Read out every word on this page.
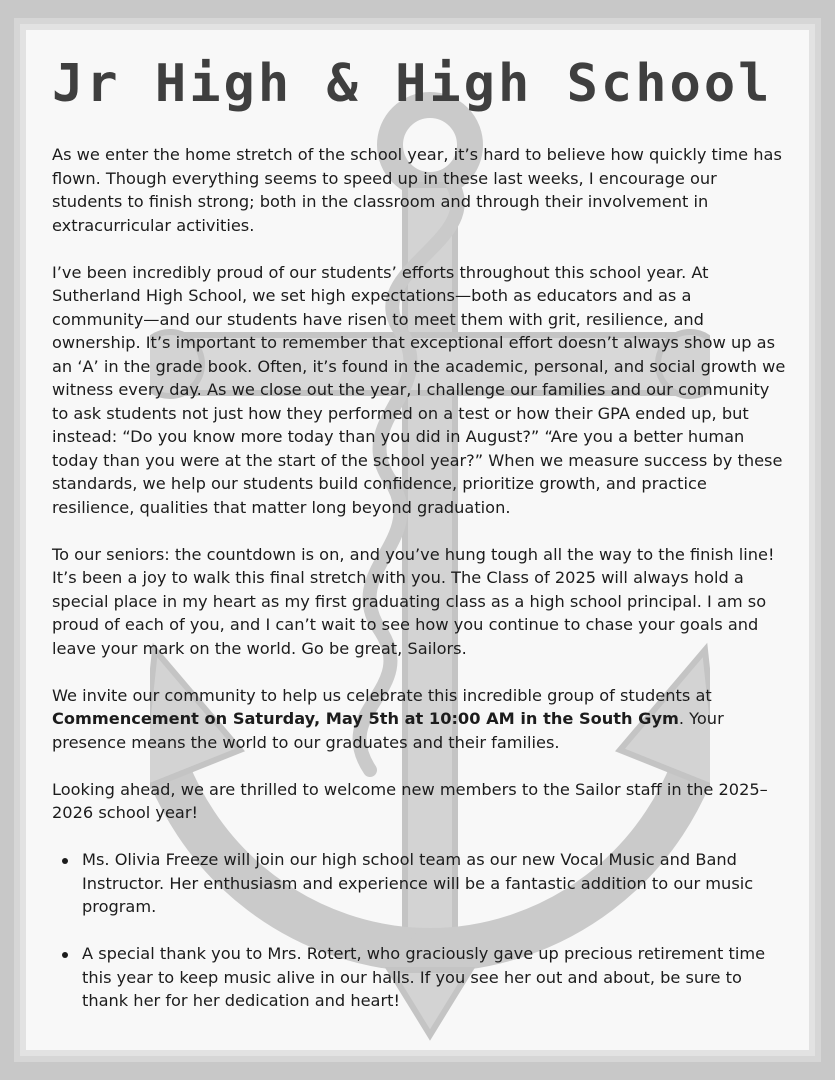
Jr High & High School

As we enter the home stretch of the school year, it’s hard to believe how quickly time has flown. Though everything seems to speed up in these last weeks, I encourage our students to finish strong; both in the classroom and through their involvement in extracurricular activities.

I’ve been incredibly proud of our students’ efforts throughout this school year. At Sutherland High School, we set high expectations—both as educators and as a community—and our students have risen to meet them with grit, resilience, and ownership. It’s important to remember that exceptional effort doesn’t always show up as an ‘A’ in the grade book. Often, it’s found in the academic, personal, and social growth we witness every day. As we close out the year, I challenge our families and our community to ask students not just how they performed on a test or how their GPA ended up, but instead: “Do you know more today than you did in August?” “Are you a better human today than you were at the start of the school year?” When we measure success by these standards, we help our students build confidence, prioritize growth, and practice resilience, qualities that matter long beyond graduation.

To our seniors: the countdown is on, and you’ve hung tough all the way to the finish line! It’s been a joy to walk this final stretch with you. The Class of 2025 will always hold a special place in my heart as my first graduating class as a high school principal. I am so proud of each of you, and I can’t wait to see how you continue to chase your goals and leave your mark on the world. Go be great, Sailors.

We invite our community to help us celebrate this incredible group of students at Commencement on Saturday, May 5th at 10:00 AM in the South Gym. Your presence means the world to our graduates and their families.

Looking ahead, we are thrilled to welcome new members to the Sailor staff in the 2025–2026 school year!

Ms. Olivia Freeze will join our high school team as our new Vocal Music and Band Instructor. Her enthusiasm and experience will be a fantastic addition to our music program.
A special thank you to Mrs. Rotert, who graciously gave up precious retirement time this year to keep music alive in our halls. If you see her out and about, be sure to thank her for her dedication and heart!
